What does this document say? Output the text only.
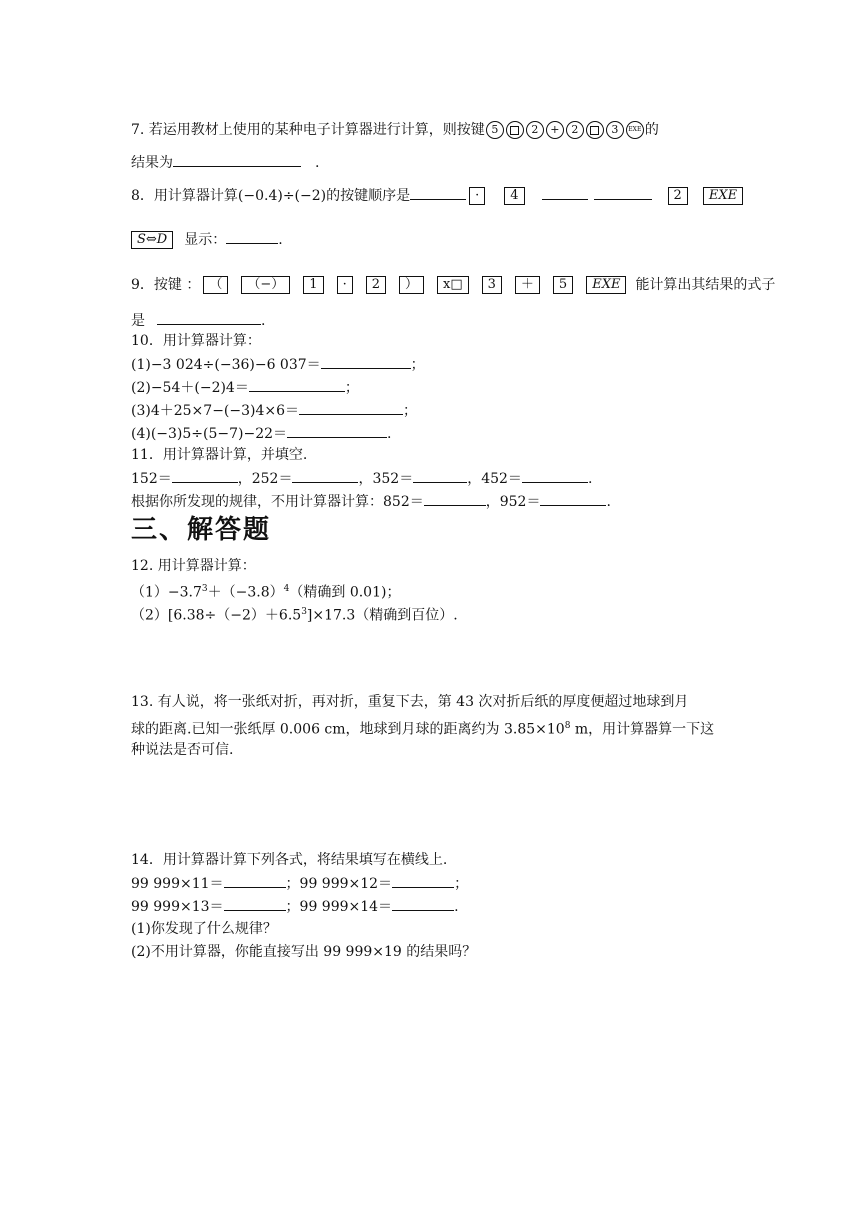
7. 若运用教材上使用的某种电子计算器进行计算，则按键 5	2 + 2	3 EXE 的
结果为	.
8．用计算器计算(−0.4)÷(−2)的按键顺序是	· 4	2 EXE
S⇔D 显示：	.
9．按键 ： （ （−） 1 · 2 ） x□ 3 ＋ 5 EXE 能计算出其结果的式子
是	.
10．用计算器计算：
(1)−3 024÷(−36)−6 037＝	；
(2)−54＋(−2)4＝	；
(3)4＋25×7−(−3)4×6＝	；
(4)(−3)5÷(5−7)−22＝	.
11．用计算器计算，并填空.
152＝	，252＝	，352＝	，452＝	.
根据你所发现的规律，不用计算器计算：852＝	，952＝	.
三、解答题
12. 用计算器计算：
$(1)-3.7^3+(-3.8)^4$（精确到 0.01)；
$(2)[6.38\div(-2)+6.5^3]\times 17.3$（精确到百位）.
13. 有人说，将一张纸对折，再对折，重复下去，第 43 次对折后纸的厚度便超过地球到月
球的距离.已知一张纸厚 0.006 cm，地球到月球的距离约为 $3.85\times 10^8$ m，用计算器算一下这
种说法是否可信.
14．用计算器计算下列各式，将结果填写在横线上.
99 999×11＝	；99 999×12＝	；
99 999×13＝	；99 999×14＝	.
(1)你发现了什么规律？
(2)不用计算器，你能直接写出 99 999×19 的结果吗？
